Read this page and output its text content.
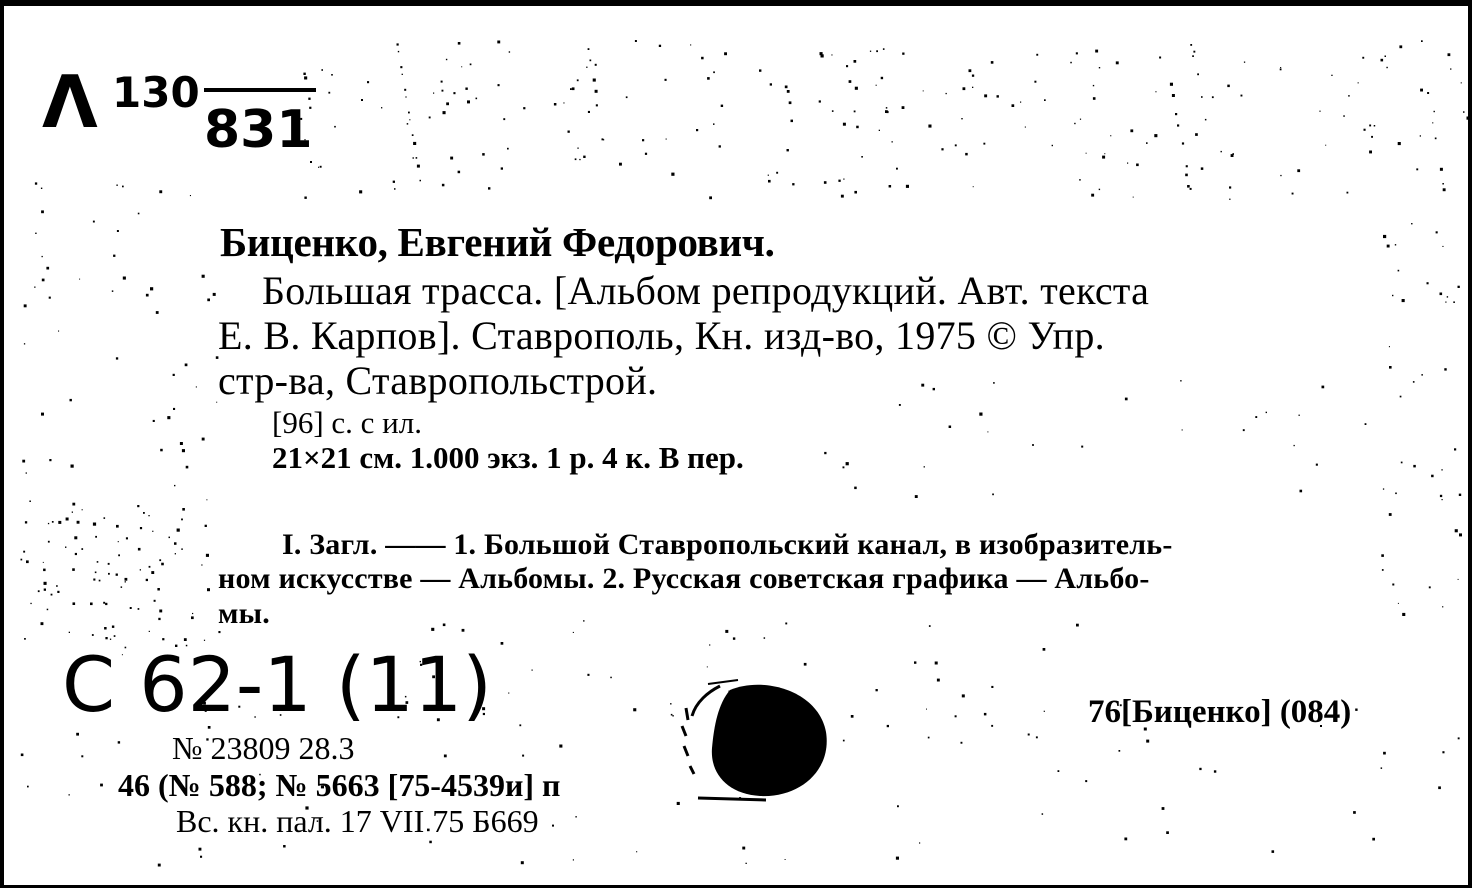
Λ 130
831
Биценко, Евгений Федорович.
Большая трасса. [Альбом репродукций. Авт. текста
Е. В. Карпов]. Ставрополь, Кн. изд-во, 1975 © Упр.
стр-ва, Ставропольстрой.
[96] с. с ил.
21×21 см. 1.000 экз. 1 р. 4 к. В пер.
I. Загл. —— 1. Большой Ставропольский канал, в изобразитель-
ном искусстве — Альбомы. 2. Русская советская графика — Альбо-
мы.
С 62-1 (11)	76[Биценко] (084)
№ 23809 28.3
46 (№ 588; № 5663 [75-4539и] п
Вс. кн. пал. 17 VII 75 Б669
